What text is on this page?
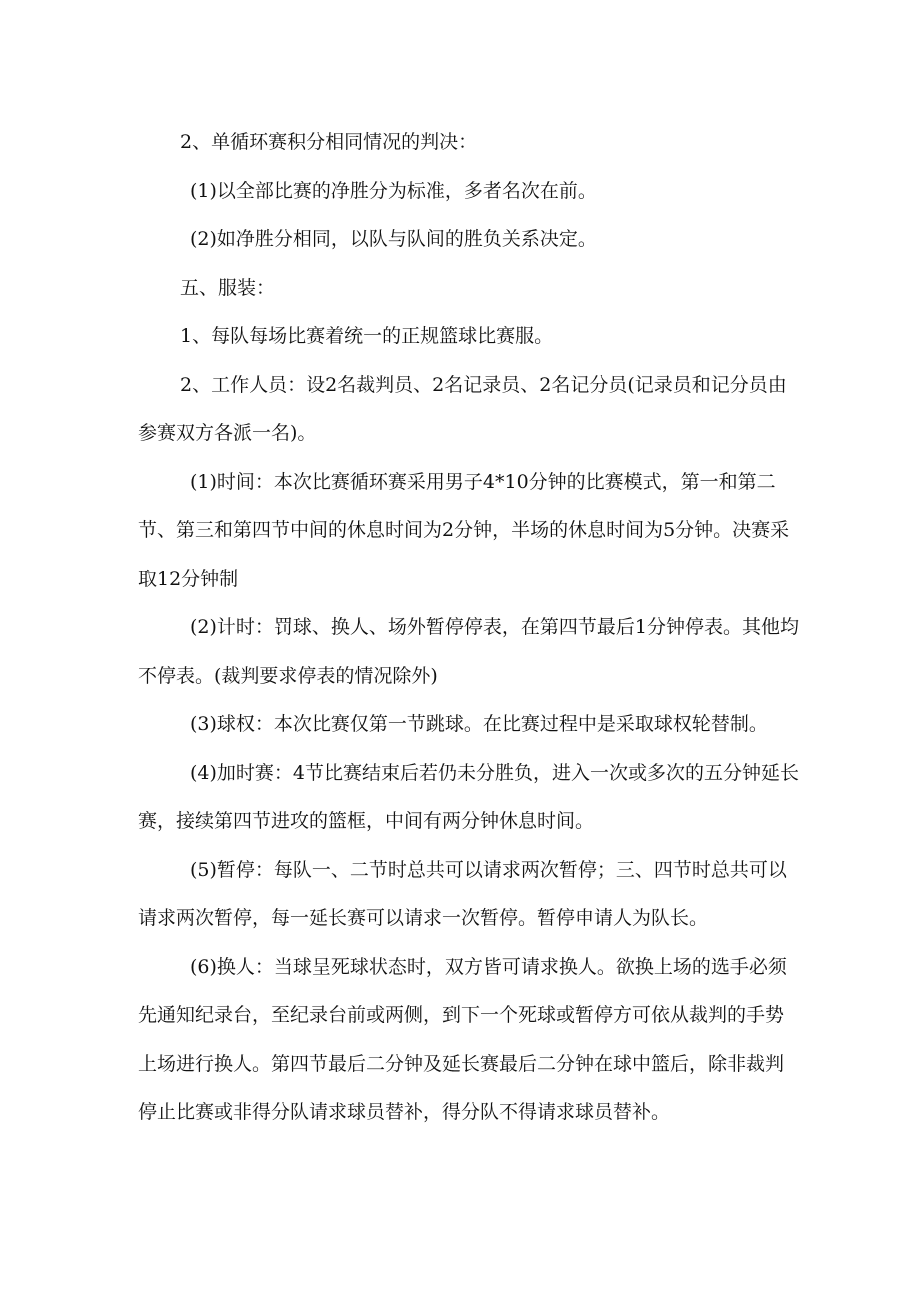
2、单循环赛积分相同情况的判决：

(1)以全部比赛的净胜分为标准，多者名次在前。

(2)如净胜分相同，以队与队间的胜负关系决定。

五、服装：

1、每队每场比赛着统一的正规篮球比赛服。

2、工作人员：设2名裁判员、2名记录员、2名记分员(记录员和记分员由参赛双方各派一名)。

(1)时间：本次比赛循环赛采用男子4*10分钟的比赛模式，第一和第二节、第三和第四节中间的休息时间为2分钟，半场的休息时间为5分钟。决赛采取12分钟制

(2)计时：罚球、换人、场外暂停停表，在第四节最后1分钟停表。其他均不停表。(裁判要求停表的情况除外)

(3)球权：本次比赛仅第一节跳球。在比赛过程中是采取球权轮替制。

(4)加时赛：4节比赛结束后若仍未分胜负，进入一次或多次的五分钟延长赛，接续第四节进攻的篮框，中间有两分钟休息时间。

(5)暂停：每队一、二节时总共可以请求两次暂停；三、四节时总共可以请求两次暂停，每一延长赛可以请求一次暂停。暂停申请人为队长。

(6)换人：当球呈死球状态时，双方皆可请求换人。欲换上场的选手必须先通知纪录台，至纪录台前或两侧，到下一个死球或暂停方可依从裁判的手势上场进行换人。第四节最后二分钟及延长赛最后二分钟在球中篮后，除非裁判停止比赛或非得分队请求球员替补，得分队不得请求球员替补。
